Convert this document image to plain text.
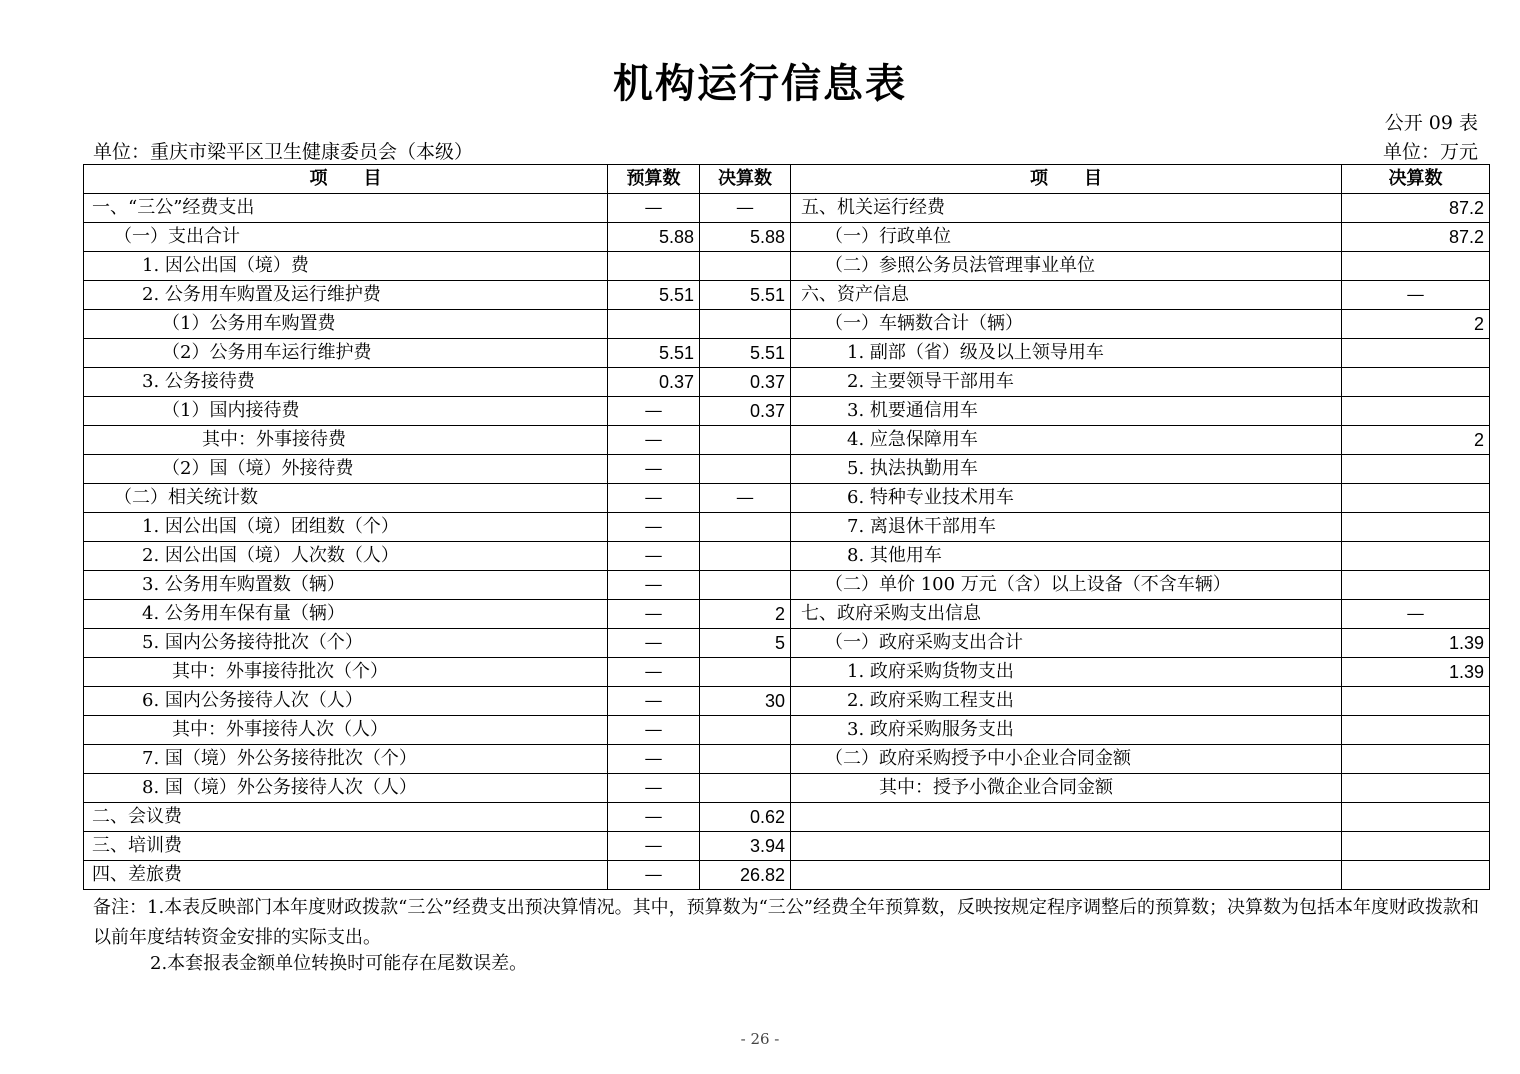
机构运行信息表
公开 09 表
单位：重庆市梁平区卫生健康委员会（本级）	单位：万元
项　　目	预算数	决算数	项　　目	决算数
一、“三公”经费支出	—	—	五、机关运行经费	87.2
（一）支出合计	5.88	5.88	（一）行政单位	87.2
1. 因公出国（境）费			（二）参照公务员法管理事业单位	
2. 公务用车购置及运行维护费	5.51	5.51	六、资产信息	—
（1）公务用车购置费			（一）车辆数合计（辆）	2
（2）公务用车运行维护费	5.51	5.51	1. 副部（省）级及以上领导用车	
3. 公务接待费	0.37	0.37	2. 主要领导干部用车	
（1）国内接待费	—	0.37	3. 机要通信用车	
其中：外事接待费	—		4. 应急保障用车	2
（2）国（境）外接待费	—		5. 执法执勤用车	
（二）相关统计数	—	—	6. 特种专业技术用车	
1. 因公出国（境）团组数（个）	—		7. 离退休干部用车	
2. 因公出国（境）人次数（人）	—		8. 其他用车	
3. 公务用车购置数（辆）	—		（二）单价 100 万元（含）以上设备（不含车辆）	
4. 公务用车保有量（辆）	—	2	七、政府采购支出信息	—
5. 国内公务接待批次（个）	—	5	（一）政府采购支出合计	1.39
其中：外事接待批次（个）	—		1. 政府采购货物支出	1.39
6. 国内公务接待人次（人）	—	30	2. 政府采购工程支出	
其中：外事接待人次（人）	—		3. 政府采购服务支出	
7. 国（境）外公务接待批次（个）	—		（二）政府采购授予中小企业合同金额	
8. 国（境）外公务接待人次（人）	—		其中：授予小微企业合同金额	
二、会议费	—	0.62		
三、培训费	—	3.94		
四、差旅费	—	26.82		
备注：1.本表反映部门本年度财政拨款“三公”经费支出预决算情况。其中，预算数为“三公”经费全年预算数，反映按规定程序调整后的预算数；决算数为包括本年度财政拨款和以前年度结转资金安排的实际支出。
2.本套报表金额单位转换时可能存在尾数误差。
- 26 -
